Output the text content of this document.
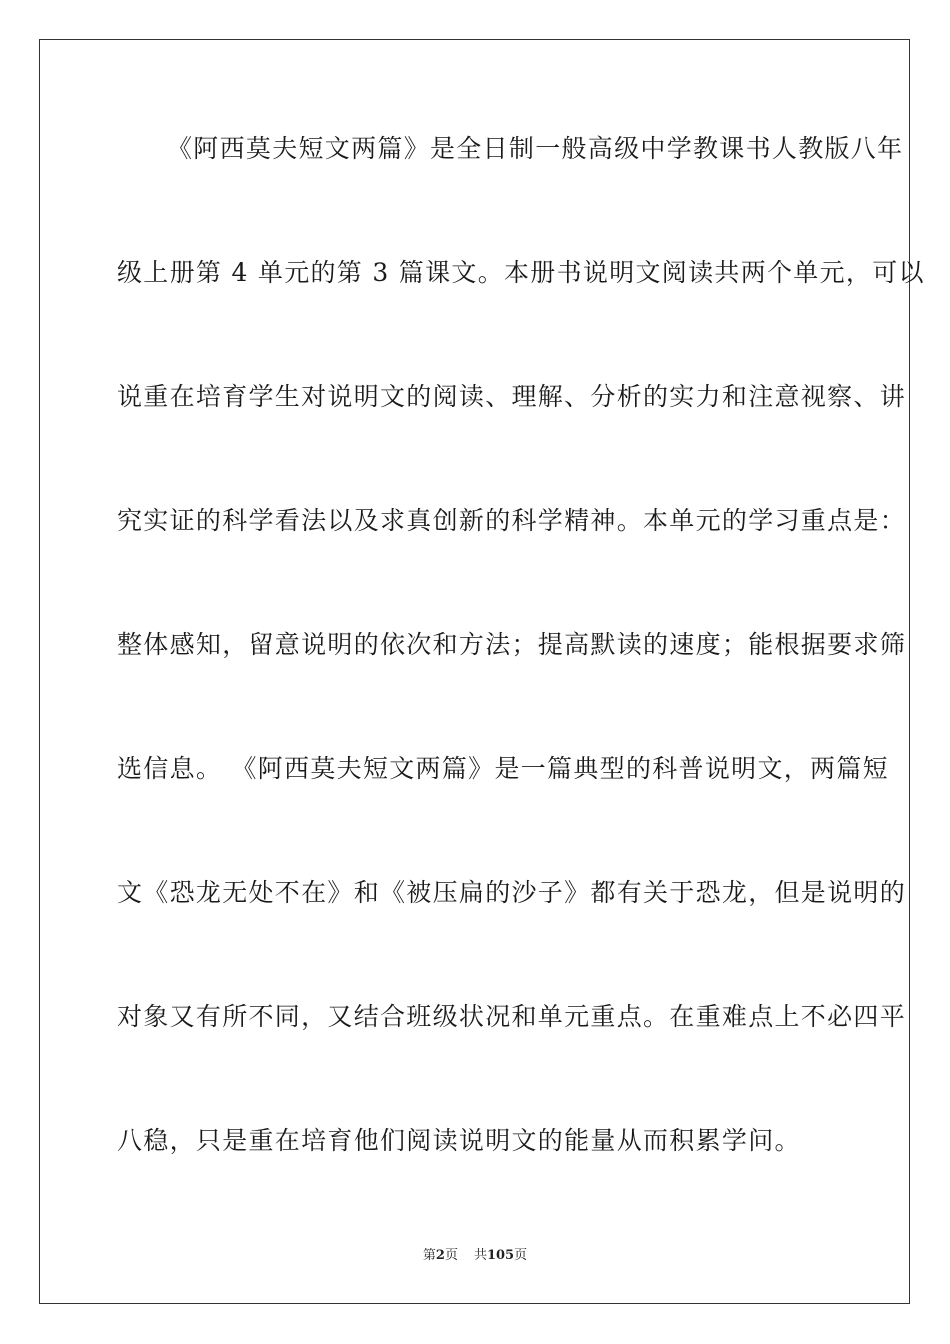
《阿西莫夫短文两篇》是全日制一般高级中学教课书人教版八年
级上册第 4 单元的第 3 篇课文。本册书说明文阅读共两个单元，可以
说重在培育学生对说明文的阅读、理解、分析的实力和注意视察、讲
究实证的科学看法以及求真创新的科学精神。本单元的学习重点是：
整体感知，留意说明的依次和方法；提高默读的速度；能根据要求筛
选信息。 《阿西莫夫短文两篇》是一篇典型的科普说明文，两篇短
文《恐龙无处不在》和《被压扁的沙子》都有关于恐龙，但是说明的
对象又有所不同，又结合班级状况和单元重点。在重难点上不必四平
八稳，只是重在培育他们阅读说明文的能量从而积累学问。
第2页 共105页
